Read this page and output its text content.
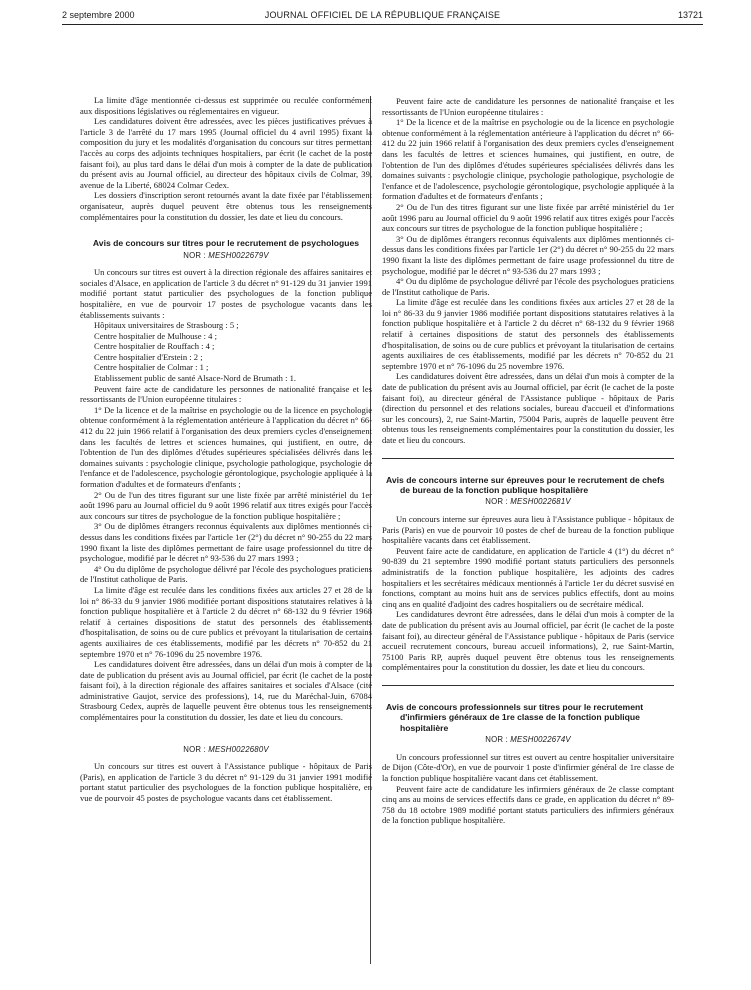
2 septembre 2000	JOURNAL OFFICIEL DE LA RÉPUBLIQUE FRANÇAISE	13721

La limite d'âge mentionnée ci-dessus est supprimée ou reculée conformément aux dispositions législatives ou réglementaires en vigueur.

Les candidatures doivent être adressées, avec les pièces justificatives prévues à l'article 3 de l'arrêté du 17 mars 1995 (Journal officiel du 4 avril 1995) fixant la composition du jury et les modalités d'organisation du concours sur titres permettant l'accès au corps des adjoints techniques hospitaliers, par écrit (le cachet de la poste faisant foi), au plus tard dans le délai d'un mois à compter de la date de publication du présent avis au Journal officiel, au directeur des hôpitaux civils de Colmar, 39, avenue de la Liberté, 68024 Colmar Cedex.

Les dossiers d'inscription seront retournés avant la date fixée par l'établissement organisateur, auprès duquel peuvent être obtenus tous les renseignements complémentaires pour la constitution du dossier, les date et lieu du concours.

Avis de concours sur titres pour le recrutement de psychologues
NOR : MESH0022679V

Un concours sur titres est ouvert à la direction régionale des affaires sanitaires et sociales d'Alsace, en application de l'article 3 du décret n° 91-129 du 31 janvier 1991 modifié portant statut particulier des psychologues de la fonction publique hospitalière, en vue de pourvoir 17 postes de psychologue vacants dans les établissements suivants :

Hôpitaux universitaires de Strasbourg : 5 ;

Centre hospitalier de Mulhouse : 4 ;

Centre hospitalier de Rouffach : 4 ;

Centre hospitalier d'Erstein : 2 ;

Centre hospitalier de Colmar : 1 ;

Etablissement public de santé Alsace-Nord de Brumath : 1.

Peuvent faire acte de candidature les personnes de nationalité française et les ressortissants de l'Union européenne titulaires :

1° De la licence et de la maîtrise en psychologie ou de la licence en psychologie obtenue conformément à la réglementation antérieure à l'application du décret n° 66-412 du 22 juin 1966 relatif à l'organisation des deux premiers cycles d'enseignement dans les facultés de lettres et sciences humaines, qui justifient, en outre, de l'obtention de l'un des diplômes d'études supérieures spécialisées délivrés dans les domaines suivants : psychologie clinique, psychologie pathologique, psychologie de l'enfance et de l'adolescence, psychologie gérontologique, psychologie appliquée à la formation d'adultes et de formateurs d'enfants ;

2° Ou de l'un des titres figurant sur une liste fixée par arrêté ministériel du 1er août 1996 paru au Journal officiel du 9 août 1996 relatif aux titres exigés pour l'accès aux concours sur titres de psychologue de la fonction publique hospitalière ;

3° Ou de diplômes étrangers reconnus équivalents aux diplômes mentionnés ci-dessus dans les conditions fixées par l'article 1er (2°) du décret n° 90-255 du 22 mars 1990 fixant la liste des diplômes permettant de faire usage professionnel du titre de psychologue, modifié par le décret n° 93-536 du 27 mars 1993 ;

4° Ou du diplôme de psychologue délivré par l'école des psychologues praticiens de l'Institut catholique de Paris.

La limite d'âge est reculée dans les conditions fixées aux articles 27 et 28 de la loi n° 86-33 du 9 janvier 1986 modifiée portant dispositions statutaires relatives à la fonction publique hospitalière et à l'article 2 du décret n° 68-132 du 9 février 1968 relatif à certaines dispositions de statut des personnels des établissements d'hospitalisation, de soins ou de cure publics et prévoyant la titularisation de certains agents auxiliaires de ces établissements, modifié par les décrets n° 70-852 du 21 septembre 1970 et n° 76-1096 du 25 novembre 1976.

Les candidatures doivent être adressées, dans un délai d'un mois à compter de la date de publication du présent avis au Journal officiel, par écrit (le cachet de la poste faisant foi), à la direction régionale des affaires sanitaires et sociales d'Alsace (cité administrative Gaujot, service des professions), 14, rue du Maréchal-Juin, 67084 Strasbourg Cedex, auprès de laquelle peuvent être obtenus tous les renseignements complémentaires pour la constitution du dossier, les date et lieu du concours.

NOR : MESH0022680V

Un concours sur titres est ouvert à l'Assistance publique - hôpitaux de Paris (Paris), en application de l'article 3 du décret n° 91-129 du 31 janvier 1991 modifié portant statut particulier des psychologues de la fonction publique hospitalière, en vue de pourvoir 45 postes de psychologue vacants dans cet établissement.

Peuvent faire acte de candidature les personnes de nationalité française et les ressortissants de l'Union européenne titulaires :

1° De la licence et de la maîtrise en psychologie ou de la licence en psychologie obtenue conformément à la réglementation antérieure à l'application du décret n° 66-412 du 22 juin 1966 relatif à l'organisation des deux premiers cycles d'enseignement dans les facultés de lettres et sciences humaines, qui justifient, en outre, de l'obtention de l'un des diplômes d'études supérieures spécialisées délivrés dans les domaines suivants : psychologie clinique, psychologie pathologique, psychologie de l'enfance et de l'adolescence, psychologie gérontologique, psychologie appliquée à la formation d'adultes et de formateurs d'enfants ;

2° Ou de l'un des titres figurant sur une liste fixée par arrêté ministériel du 1er août 1996 paru au Journal officiel du 9 août 1996 relatif aux titres exigés pour l'accès aux concours sur titres de psychologue de la fonction publique hospitalière ;

3° Ou de diplômes étrangers reconnus équivalents aux diplômes mentionnés ci-dessus dans les conditions fixées par l'article 1er (2°) du décret n° 90-255 du 22 mars 1990 fixant la liste des diplômes permettant de faire usage professionnel du titre de psychologue, modifié par le décret n° 93-536 du 27 mars 1993 ;

4° Ou du diplôme de psychologue délivré par l'école des psychologues praticiens de l'Institut catholique de Paris.

La limite d'âge est reculée dans les conditions fixées aux articles 27 et 28 de la loi n° 86-33 du 9 janvier 1986 modifiée portant dispositions statutaires relatives à la fonction publique hospitalière et à l'article 2 du décret n° 68-132 du 9 février 1968 relatif à certaines dispositions de statut des personnels des établissements d'hospitalisation, de soins ou de cure publics et prévoyant la titularisation de certains agents auxiliaires de ces établissements, modifié par les décrets n° 70-852 du 21 septembre 1970 et n° 76-1096 du 25 novembre 1976.

Les candidatures doivent être adressées, dans un délai d'un mois à compter de la date de publication du présent avis au Journal officiel, par écrit (le cachet de la poste faisant foi), au directeur général de l'Assistance publique - hôpitaux de Paris (direction du personnel et des relations sociales, bureau d'accueil et d'informations sur les concours), 2, rue Saint-Martin, 75004 Paris, auprès de laquelle peuvent être obtenus tous les renseignements complémentaires pour la constitution du dossier, les date et lieu du concours.

Avis de concours interne sur épreuves pour le recrutement de chefs de bureau de la fonction publique hospitalière
NOR : MESH0022681V

Un concours interne sur épreuves aura lieu à l'Assistance publique - hôpitaux de Paris (Paris) en vue de pourvoir 10 postes de chef de bureau de la fonction publique hospitalière vacants dans cet établissement.

Peuvent faire acte de candidature, en application de l'article 4 (1°) du décret n° 90-839 du 21 septembre 1990 modifié portant statuts particuliers des personnels administratifs de la fonction publique hospitalière, les adjoints des cadres hospitaliers et les secrétaires médicaux mentionnés à l'article 1er du décret susvisé en fonctions, comptant au moins huit ans de services publics effectifs, dont au moins cinq ans en qualité d'adjoint des cadres hospitaliers ou de secrétaire médical.

Les candidatures devront être adressées, dans le délai d'un mois à compter de la date de publication du présent avis au Journal officiel, par écrit (le cachet de la poste faisant foi), au directeur général de l'Assistance publique - hôpitaux de Paris (service accueil recrutement concours, bureau accueil informations), 2, rue Saint-Martin, 75100 Paris RP, auprès duquel peuvent être obtenus tous les renseignements complémentaires pour la constitution du dossier, les date et lieu du concours.

Avis de concours professionnels sur titres pour le recrutement d'infirmiers généraux de 1re classe de la fonction publique hospitalière
NOR : MESH0022674V

Un concours professionnel sur titres est ouvert au centre hospitalier universitaire de Dijon (Côte-d'Or), en vue de pourvoir 1 poste d'infirmier général de 1re classe de la fonction publique hospitalière vacant dans cet établissement.

Peuvent faire acte de candidature les infirmiers généraux de 2e classe comptant cinq ans au moins de services effectifs dans ce grade, en application du décret n° 89-758 du 18 octobre 1989 modifié portant statuts particuliers des infirmiers généraux de la fonction publique hospitalière.
